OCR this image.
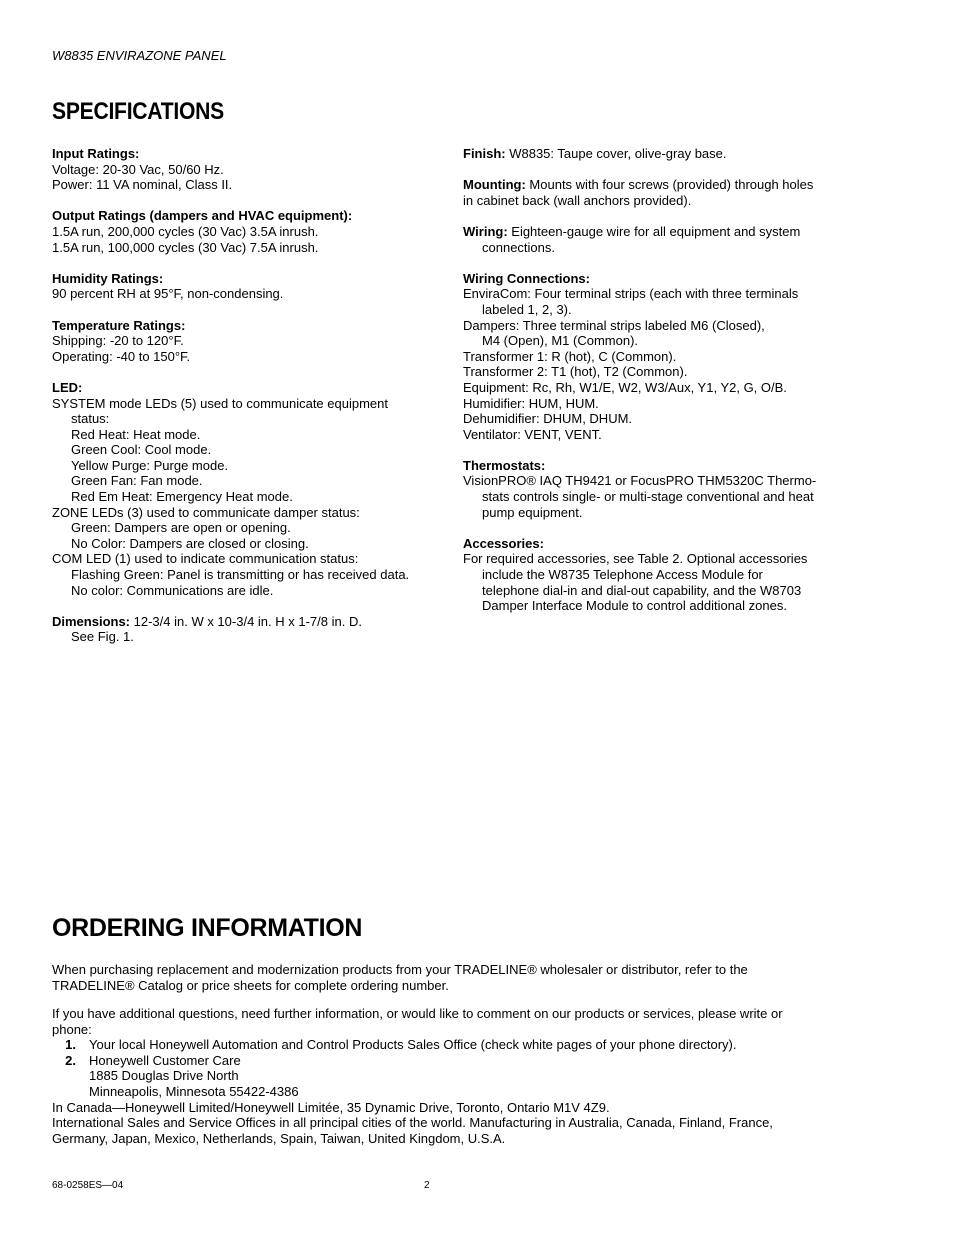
W8835 ENVIRAZONE PANEL
SPECIFICATIONS
Input Ratings:
Voltage: 20-30 Vac, 50/60 Hz.
Power: 11 VA nominal, Class II.
Output Ratings (dampers and HVAC equipment):
1.5A run, 200,000 cycles (30 Vac) 3.5A inrush.
1.5A run, 100,000 cycles (30 Vac) 7.5A inrush.
Humidity Ratings:
90 percent RH at 95°F, non-condensing.
Temperature Ratings:
Shipping: -20 to 120°F.
Operating: -40 to 150°F.
LED:
SYSTEM mode LEDs (5) used to communicate equipment
status:
Red Heat: Heat mode.
Green Cool: Cool mode.
Yellow Purge: Purge mode.
Green Fan: Fan mode.
Red Em Heat: Emergency Heat mode.
ZONE LEDs (3) used to communicate damper status:
Green: Dampers are open or opening.
No Color: Dampers are closed or closing.
COM LED (1) used to indicate communication status:
Flashing Green: Panel is transmitting or has received data.
No color: Communications are idle.
Dimensions: 12-3/4 in. W x 10-3/4 in. H x 1-7/8 in. D.
See Fig. 1.
Finish: W8835: Taupe cover, olive-gray base.
Mounting: Mounts with four screws (provided) through holes
in cabinet back (wall anchors provided).
Wiring: Eighteen-gauge wire for all equipment and system
connections.
Wiring Connections:
EnviraCom: Four terminal strips (each with three terminals
labeled 1, 2, 3).
Dampers: Three terminal strips labeled M6 (Closed),
M4 (Open), M1 (Common).
Transformer 1: R (hot), C (Common).
Transformer 2: T1 (hot), T2 (Common).
Equipment: Rc, Rh, W1/E, W2, W3/Aux, Y1, Y2, G, O/B.
Humidifier: HUM, HUM.
Dehumidifier: DHUM, DHUM.
Ventilator: VENT, VENT.
Thermostats:
VisionPRO® IAQ TH9421 or FocusPRO THM5320C Thermo-
stats controls single- or multi-stage conventional and heat
pump equipment.
Accessories:
For required accessories, see Table 2. Optional accessories
include the W8735 Telephone Access Module for
telephone dial-in and dial-out capability, and the W8703
Damper Interface Module to control additional zones.
ORDERING INFORMATION
When purchasing replacement and modernization products from your TRADELINE® wholesaler or distributor, refer to the
TRADELINE® Catalog or price sheets for complete ordering number.
If you have additional questions, need further information, or would like to comment on our products or services, please write or
phone:
1. Your local Honeywell Automation and Control Products Sales Office (check white pages of your phone directory).
2. Honeywell Customer Care
1885 Douglas Drive North
Minneapolis, Minnesota 55422-4386
In Canada—Honeywell Limited/Honeywell Limitée, 35 Dynamic Drive, Toronto, Ontario M1V 4Z9.
International Sales and Service Offices in all principal cities of the world. Manufacturing in Australia, Canada, Finland, France,
Germany, Japan, Mexico, Netherlands, Spain, Taiwan, United Kingdom, U.S.A.
68-0258ES—04	2
